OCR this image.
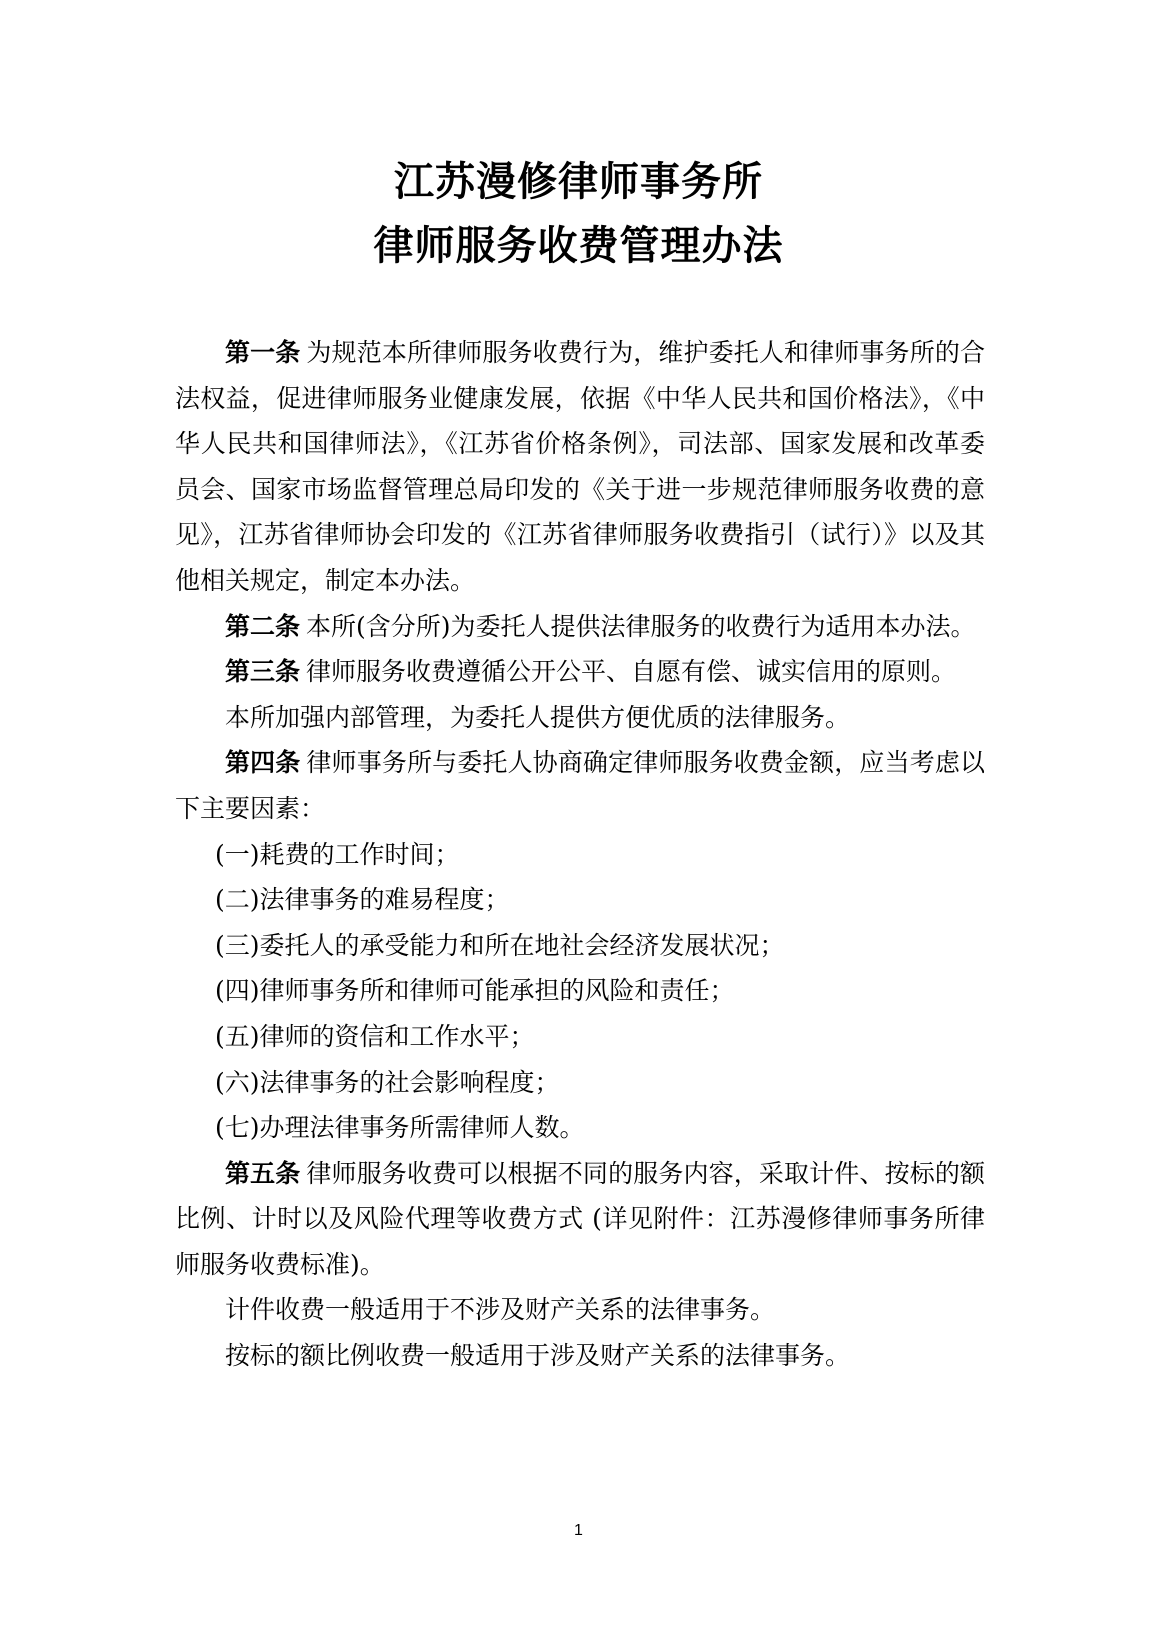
江苏漫修律师事务所
律师服务收费管理办法

第一条 为规范本所律师服务收费行为，维护委托人和律师事务所的合法权益，促进律师服务业健康发展，依据《中华人民共和国价格法》，《中华人民共和国律师法》，《江苏省价格条例》，司法部、国家发展和改革委员会、国家市场监督管理总局印发的《关于进一步规范律师服务收费的意见》，江苏省律师协会印发的《江苏省律师服务收费指引（试行）》以及其他相关规定，制定本办法。

第二条 本所(含分所)为委托人提供法律服务的收费行为适用本办法。

第三条 律师服务收费遵循公开公平、自愿有偿、诚实信用的原则。

本所加强内部管理，为委托人提供方便优质的法律服务。

第四条 律师事务所与委托人协商确定律师服务收费金额，应当考虑以下主要因素：

(一)耗费的工作时间；

(二)法律事务的难易程度；

(三)委托人的承受能力和所在地社会经济发展状况；

(四)律师事务所和律师可能承担的风险和责任；

(五)律师的资信和工作水平；

(六)法律事务的社会影响程度；

(七)办理法律事务所需律师人数。

第五条 律师服务收费可以根据不同的服务内容，采取计件、按标的额比例、计时以及风险代理等收费方式 (详见附件：江苏漫修律师事务所律师服务收费标准)。

计件收费一般适用于不涉及财产关系的法律事务。

按标的额比例收费一般适用于涉及财产关系的法律事务。

1
